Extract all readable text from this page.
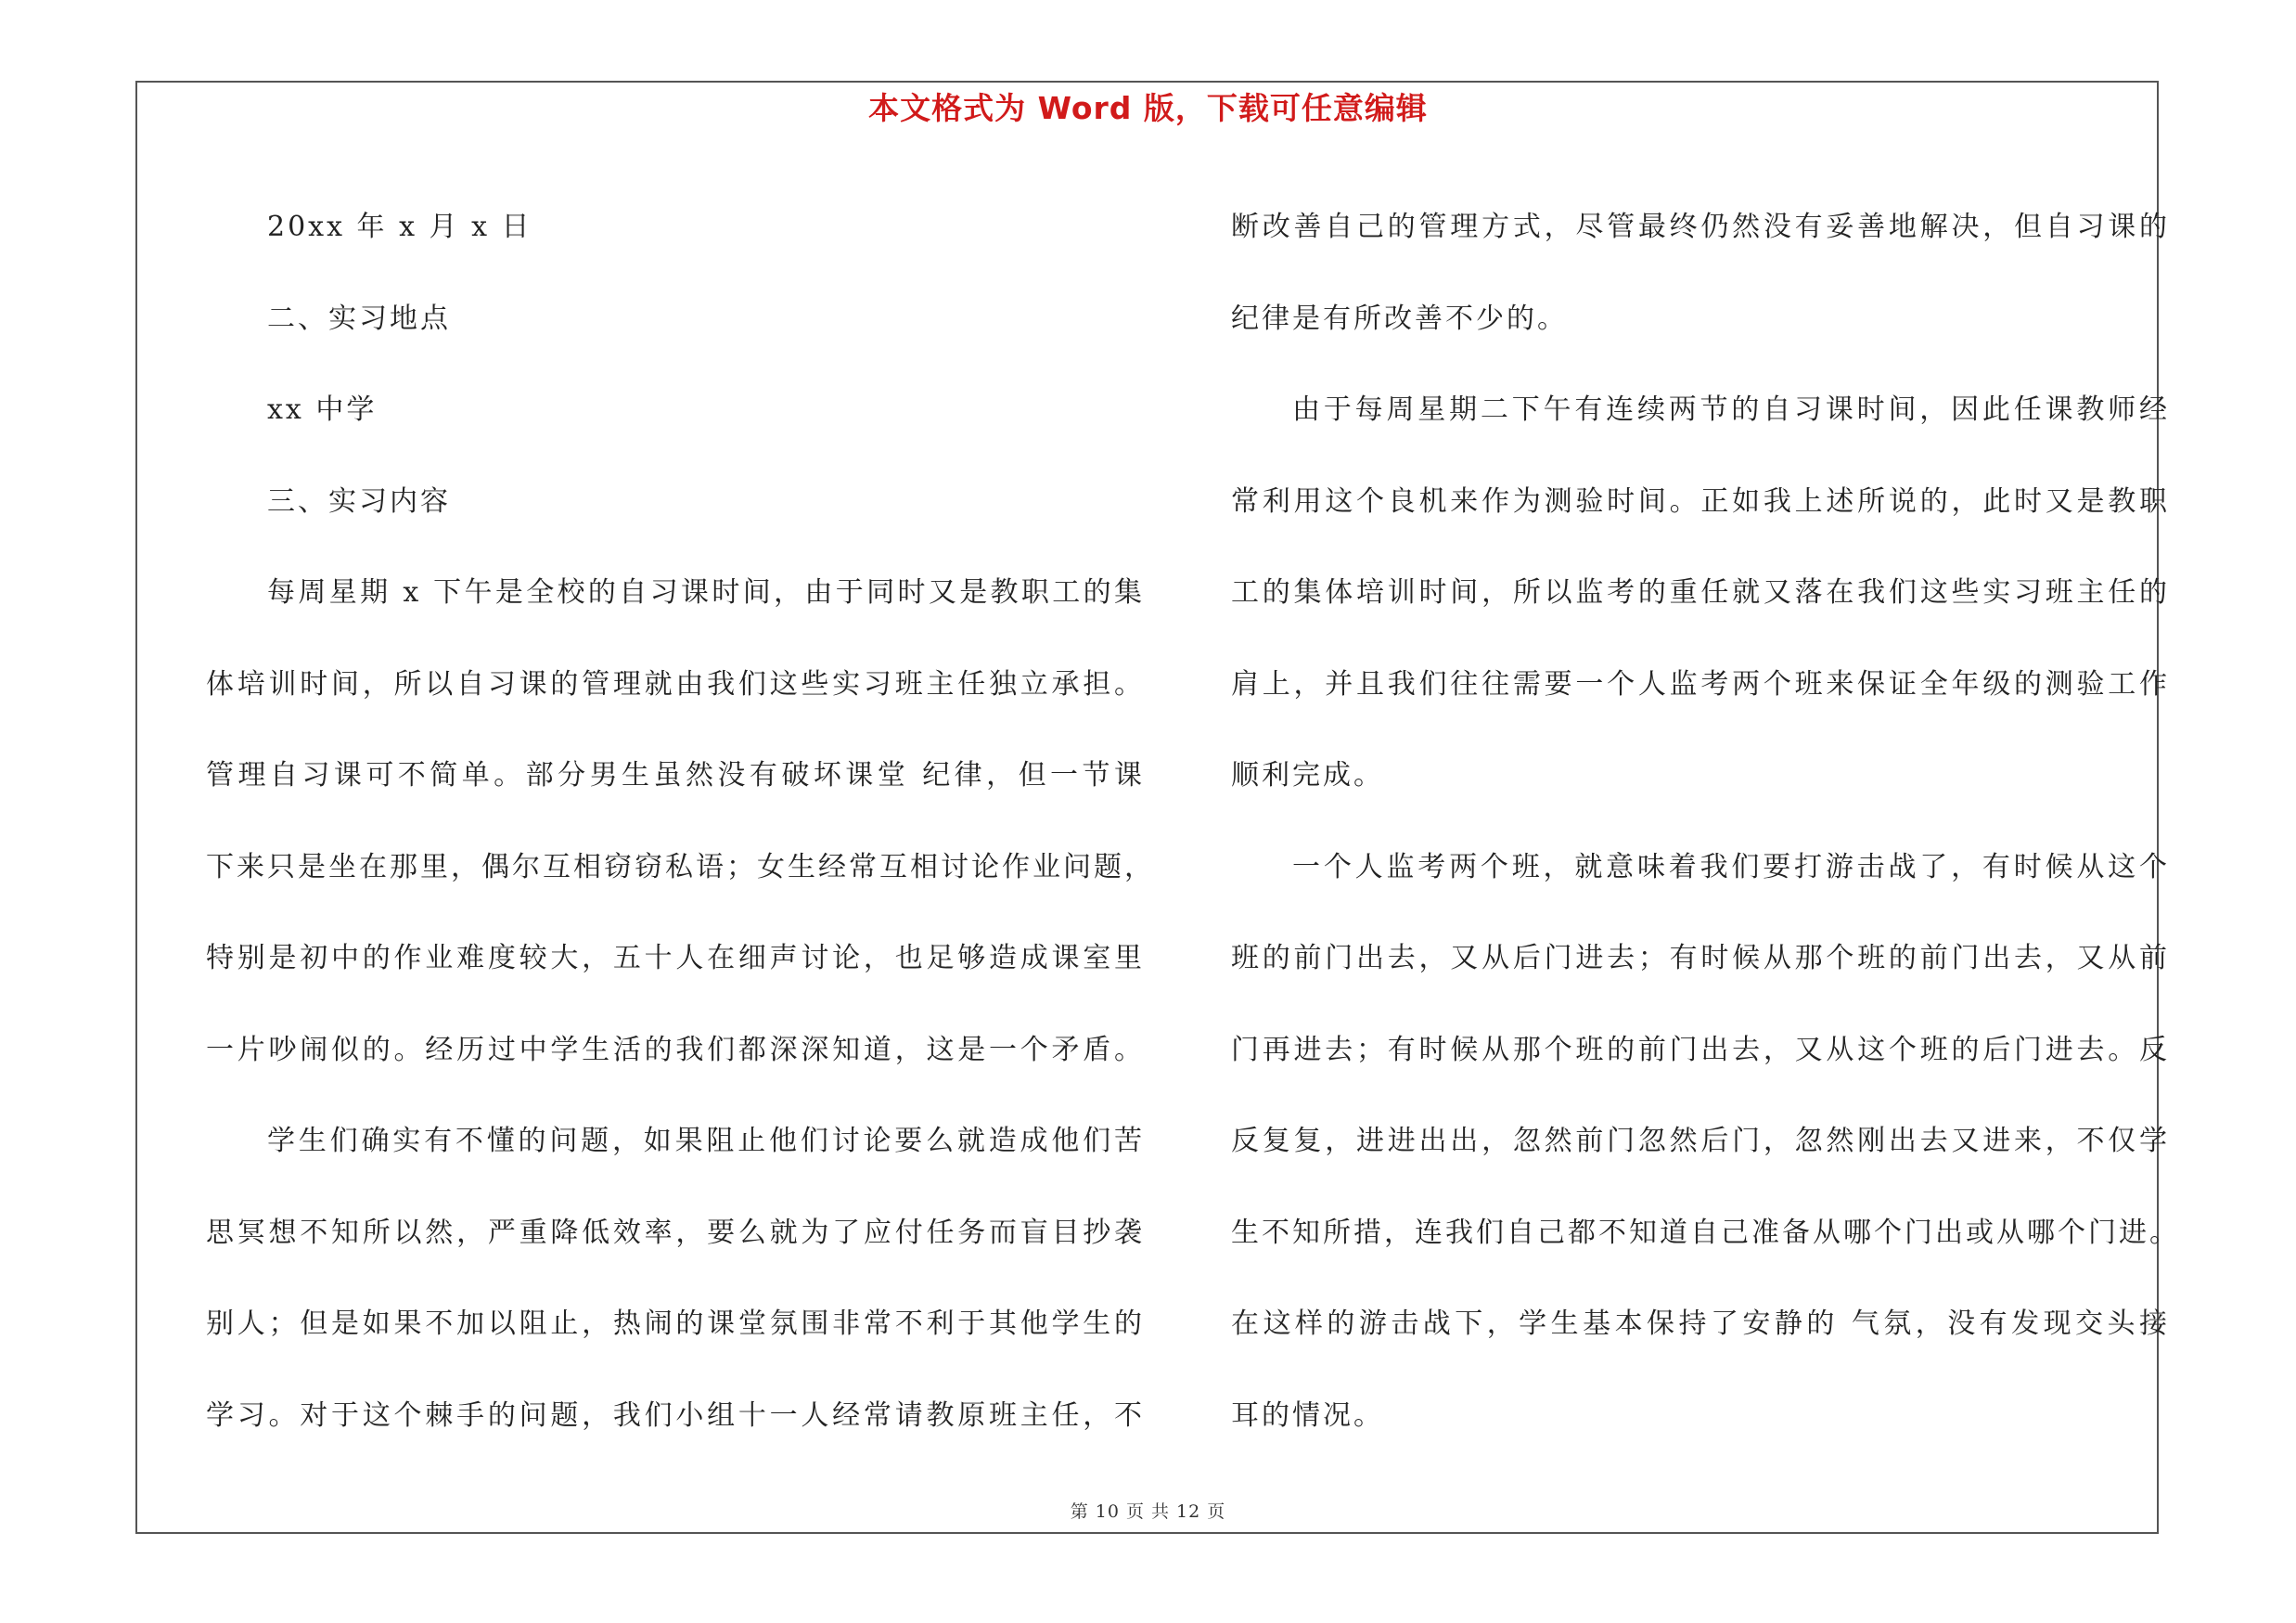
本文格式为 Word 版，下载可任意编辑
20xx 年 x 月 x 日
二、实习地点
xx 中学
三、实习内容
每周星期 x 下午是全校的自习课时间，由于同时又是教职工的集
体培训时间，所以自习课的管理就由我们这些实习班主任独立承担。
管理自习课可不简单。部分男生虽然没有破坏课堂 纪律，但一节课
下来只是坐在那里，偶尔互相窃窃私语；女生经常互相讨论作业问题，
特别是初中的作业难度较大，五十人在细声讨论，也足够造成课室里
一片吵闹似的。经历过中学生活的我们都深深知道，这是一个矛盾。
学生们确实有不懂的问题，如果阻止他们讨论要么就造成他们苦
思冥想不知所以然，严重降低效率，要么就为了应付任务而盲目抄袭
别人；但是如果不加以阻止，热闹的课堂氛围非常不利于其他学生的
学习。对于这个棘手的问题，我们小组十一人经常请教原班主任，不
断改善自己的管理方式，尽管最终仍然没有妥善地解决，但自习课的
纪律是有所改善不少的。
由于每周星期二下午有连续两节的自习课时间，因此任课教师经
常利用这个良机来作为测验时间。正如我上述所说的，此时又是教职
工的集体培训时间，所以监考的重任就又落在我们这些实习班主任的
肩上，并且我们往往需要一个人监考两个班来保证全年级的测验工作
顺利完成。
一个人监考两个班，就意味着我们要打游击战了，有时候从这个
班的前门出去，又从后门进去；有时候从那个班的前门出去，又从前
门再进去；有时候从那个班的前门出去，又从这个班的后门进去。反
反复复，进进出出，忽然前门忽然后门，忽然刚出去又进来，不仅学
生不知所措，连我们自己都不知道自己准备从哪个门出或从哪个门进。
在这样的游击战下，学生基本保持了安静的 气氛，没有发现交头接
耳的情况。
第 10 页 共 12 页
